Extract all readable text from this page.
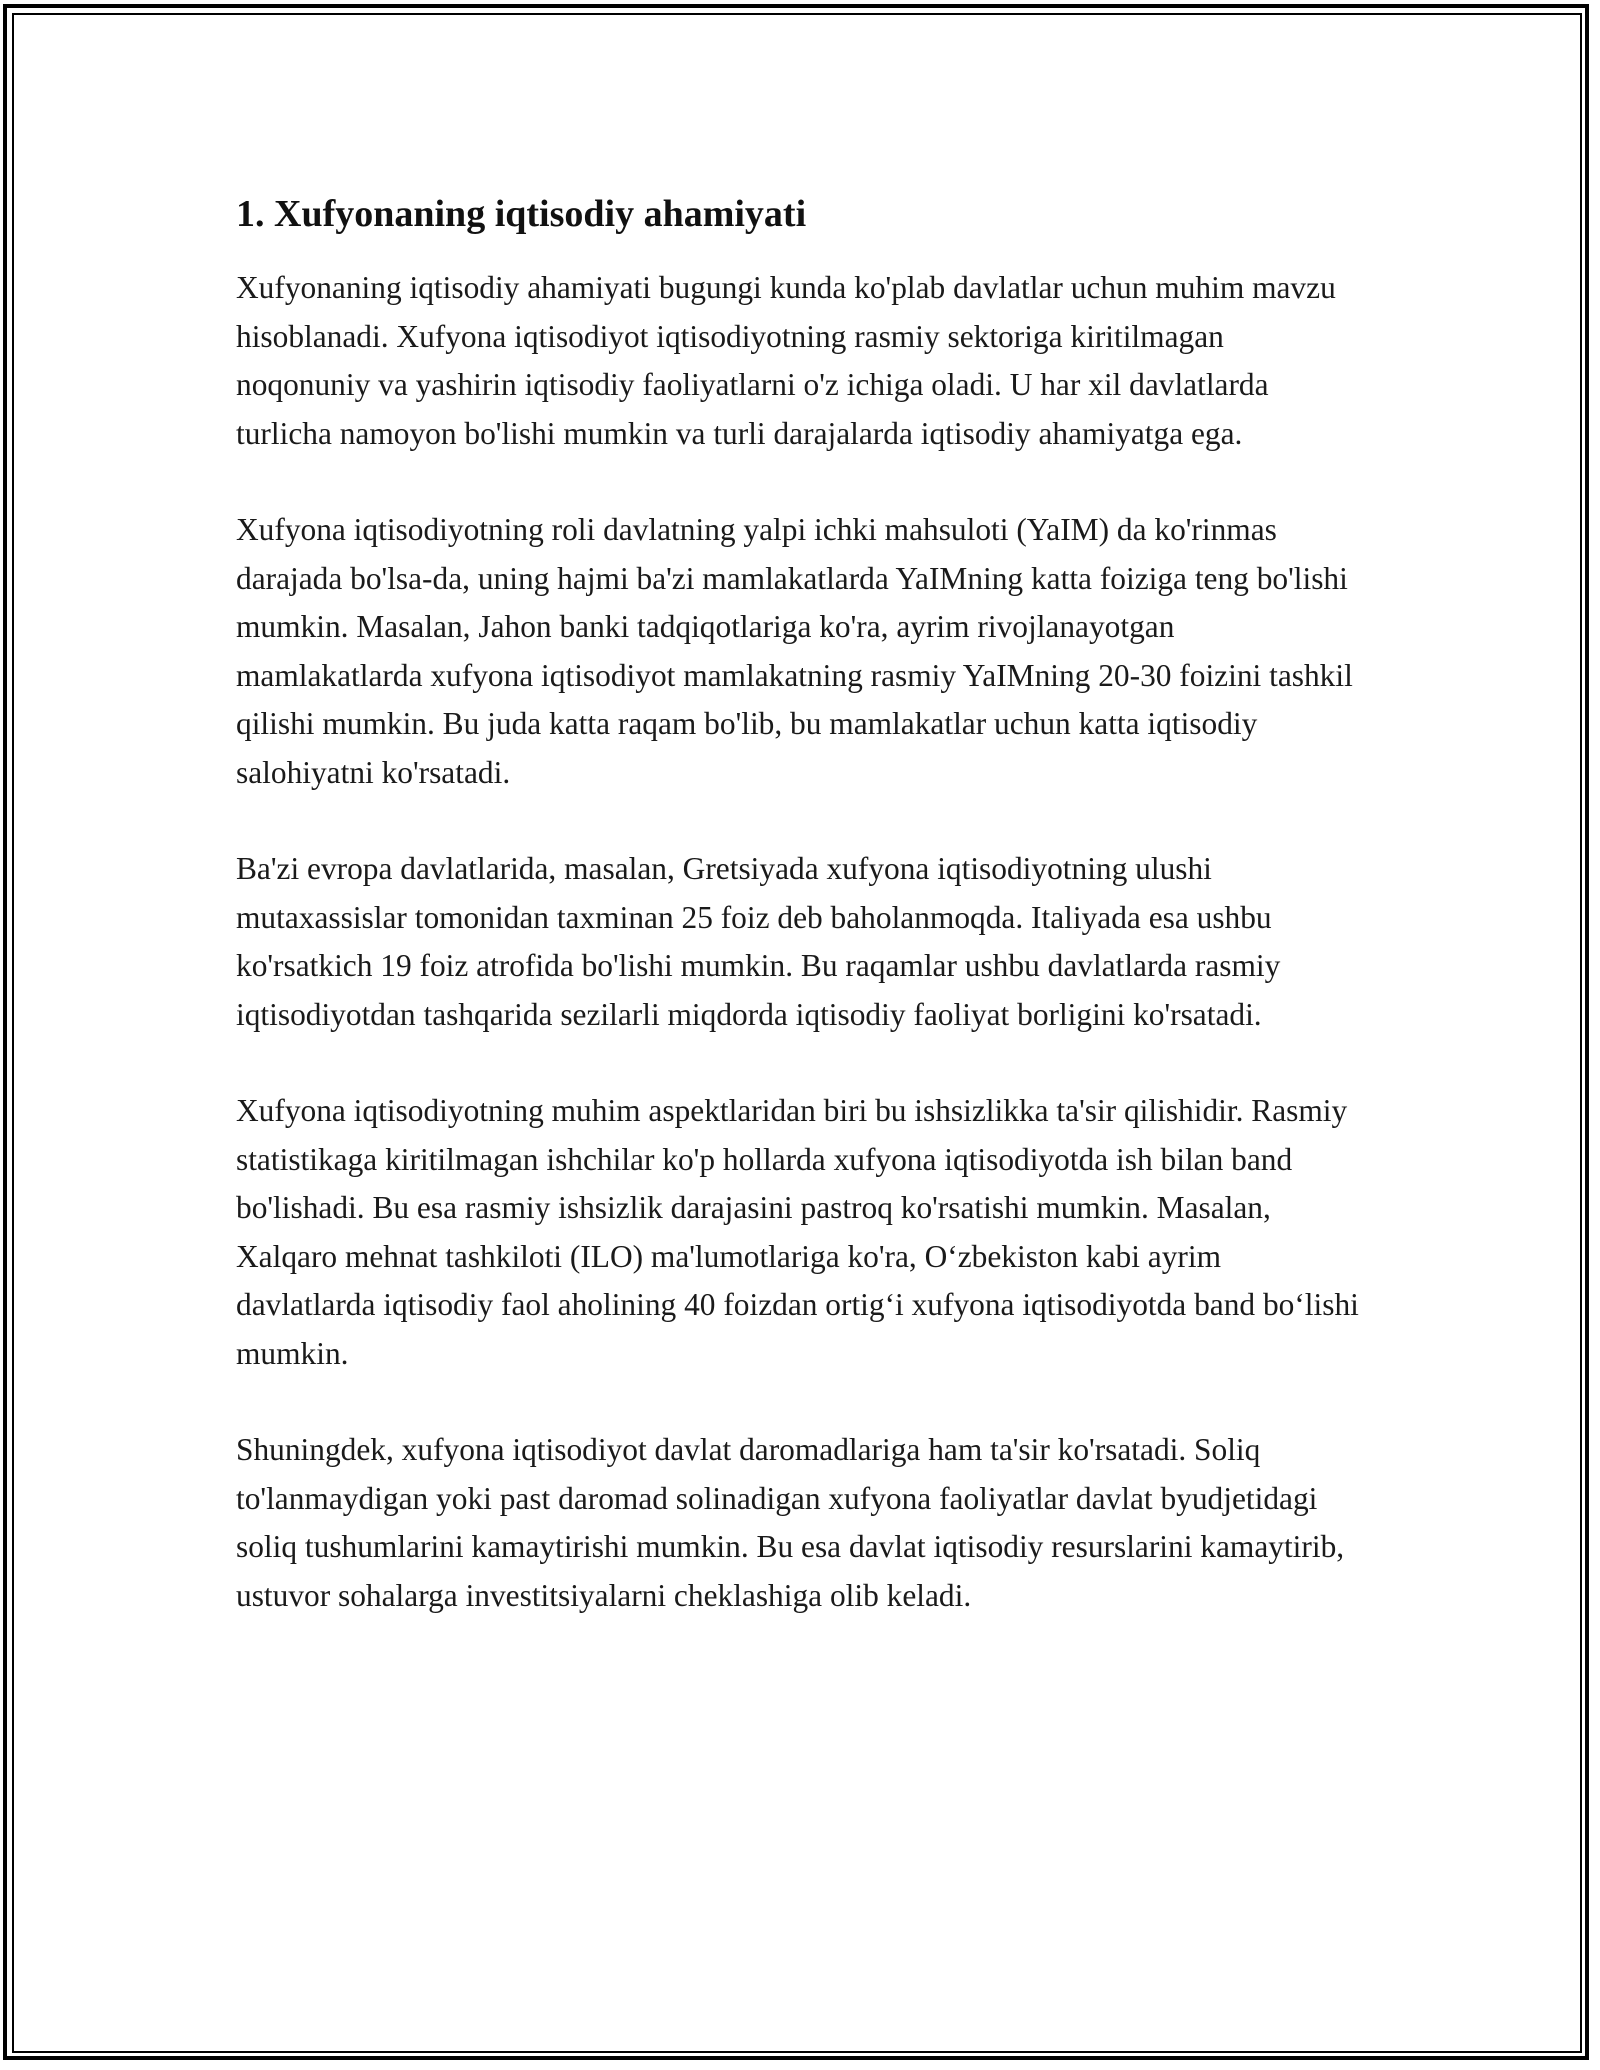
1. Xufyonaning iqtisodiy ahamiyati

Xufyonaning iqtisodiy ahamiyati bugungi kunda ko'plab davlatlar uchun muhim mavzu hisoblanadi. Xufyona iqtisodiyot iqtisodiyotning rasmiy sektoriga kiritilmagan noqonuniy va yashirin iqtisodiy faoliyatlarni o'z ichiga oladi. U har xil davlatlarda turlicha namoyon bo'lishi mumkin va turli darajalarda iqtisodiy ahamiyatga ega.

Xufyona iqtisodiyotning roli davlatning yalpi ichki mahsuloti (YaIM) da ko'rinmas darajada bo'lsa-da, uning hajmi ba'zi mamlakatlarda YaIMning katta foiziga teng bo'lishi mumkin. Masalan, Jahon banki tadqiqotlariga ko'ra, ayrim rivojlanayotgan mamlakatlarda xufyona iqtisodiyot mamlakatning rasmiy YaIMning 20-30 foizini tashkil qilishi mumkin. Bu juda katta raqam bo'lib, bu mamlakatlar uchun katta iqtisodiy salohiyatni ko'rsatadi.

Ba'zi evropa davlatlarida, masalan, Gretsiyada xufyona iqtisodiyotning ulushi mutaxassislar tomonidan taxminan 25 foiz deb baholanmoqda. Italiyada esa ushbu ko'rsatkich 19 foiz atrofida bo'lishi mumkin. Bu raqamlar ushbu davlatlarda rasmiy iqtisodiyotdan tashqarida sezilarli miqdorda iqtisodiy faoliyat borligini ko'rsatadi.

Xufyona iqtisodiyotning muhim aspektlaridan biri bu ishsizlikka ta'sir qilishidir. Rasmiy statistikaga kiritilmagan ishchilar ko'p hollarda xufyona iqtisodiyotda ish bilan band bo'lishadi. Bu esa rasmiy ishsizlik darajasini pastroq ko'rsatishi mumkin. Masalan, Xalqaro mehnat tashkiloti (ILO) ma'lumotlariga ko'ra, O‘zbekiston kabi ayrim davlatlarda iqtisodiy faol aholining 40 foizdan ortig‘i xufyona iqtisodiyotda band bo‘lishi mumkin.

Shuningdek, xufyona iqtisodiyot davlat daromadlariga ham ta'sir ko'rsatadi. Soliq to'lanmaydigan yoki past daromad solinadigan xufyona faoliyatlar davlat byudjetidagi soliq tushumlarini kamaytirishi mumkin. Bu esa davlat iqtisodiy resurslarini kamaytirib, ustuvor sohalarga investitsiyalarni cheklashiga olib keladi.
